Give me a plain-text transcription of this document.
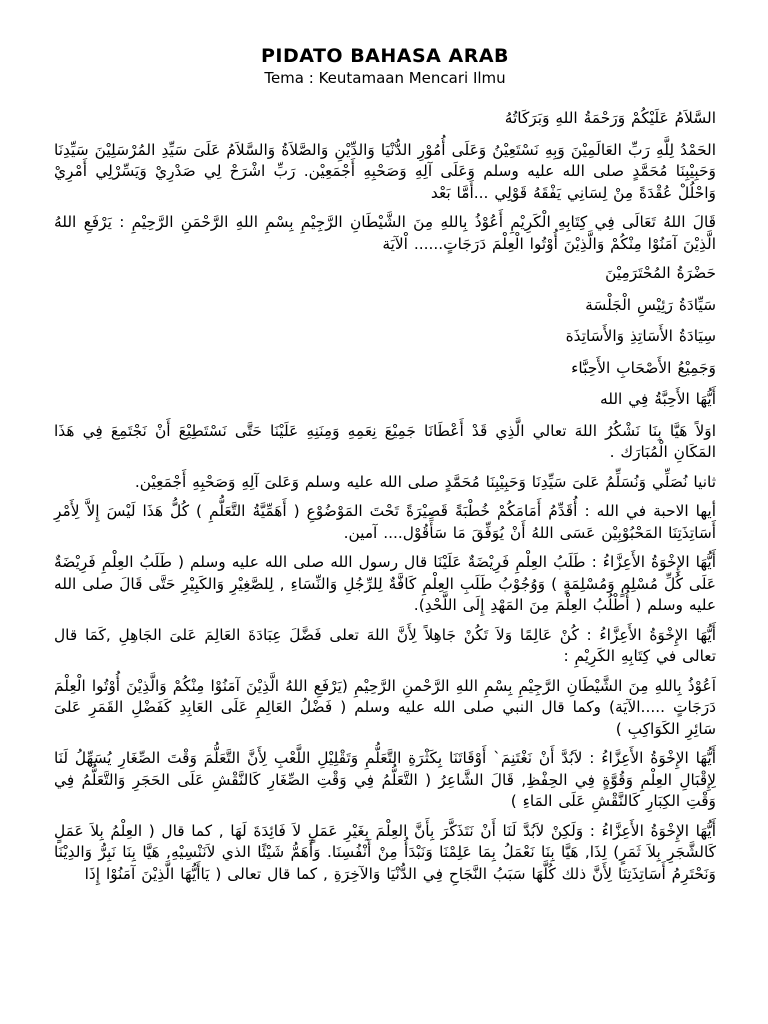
PIDATO BAHASA ARAB
Tema : Keutamaan Mencari Ilmu

السَّلاَمُ عَلَيْكُمْ وَرَحْمَةُ اللهِ وَبَرَكَاتُهُ

الحَمْدُ لِلَّهِ رَبِّ العَالَمِيْنَ وَبِهِ نَسْتَعِيْنُ وَعَلَى أُمُوْرِ الدُّنْيَا وَالدِّيْنِ وَالصَّلاَةُ وَالسَّلاَمُ عَلَىَ سَيِّدِ المُرْسَلِيْنَ سَيِّدِنَا وَحَبِيْبِنَا مُحَمَّدٍ صلى الله عليه وسلم وَعَلَى آلِهِ وَصَحْبِهِ أَجْمَعِيْن. رَبِّ اشْرَحْ لِي صَدْرِيْ وَيَسِّرْلِي أَمْرِيْ وَاحْلُلْ عُقْدَةً مِنْ لِسَانِي يَفْقَهُ قَوْلِي ...أَمَّا بَعْد

قَالَ اللهُ تَعَالَى فِي كِتَابِهِ الْكَرِيْمِ أَعُوْذُ بِاللهِ مِنَ الشَّيْطَانِ الرَّجِيْمِ بِسْمِ اللهِ الرَّحْمَنِ الرَّحِيْمِ : يَرْفَعِ اللهُ الَّذِيْنَ آمَنُوْا مِنْكُمْ وَالَّذِيْنَ أُوْتُوا الْعِلْمَ دَرَجَاتٍ...... اْلآيَة

حَضْرَةُ المُحْتَرَمِيْنَ

سَيِّادَةُ رَئِيْسِ الْجَلْسَة

سِيَادَةُ الأَسَاتِذِ وَالأَسَاتِذَة

وَجَمِيْعُ الأَصْحَابِ الأَحِبَّاء

أَيُّهَا الأَحِبَّةُ فِي الله

اوَلاً هَيَّا بِنَا نَشْكُرُ اللهَ تعالي الَّذِي قَدْ أَعْطَانَا جَمِيْعَ نِعَمِهِ وَمِنَنِهِ عَلَيْنَا حَتَّى نَسْتَطِيْعَ أَنْ نَجْتَمِعَ فِي هَذَا المَكَانِ الْمُبَارَك .

ثانيا نُصَلِّي وَنُسَلِّمُ عَلىَ سَيِّدِنَا وَحَبِيْبِنَا مُحَمَّدٍ صلى الله عليه وسلم وَعَلىَ آلِهِ وَصَحْبِهِ أَجْمَعِيْن.

أيها الاحبة في الله : أُقَدِّمُ أَمَامَكُمْ خُطْبَةً قَصِيْرَةً تَحْتَ المَوْضُوْعِ ( أَهَمِّيَّةُ التَّعَلُّمِ ) كُلُّ هَذَا لَيْسَ إِلاَّ لِأَمْرِ أَسَاتِذَتِنَا المَحْبُوْبِيْن عَسَى اللهُ أَنْ يُوَفِّقَ مَا سَأَقُوْل.... آمين.

أَيُّهَا الإِخْوَةُ الأَعِزَّاءُ : طَلَبُ العِلْمِ فَرِيْضَةٌ عَلَيْنَا قال رسول الله صلى الله عليه وسلم ( طَلَبُ العِلْمِ فَرِيْضَةٌ عَلَى كُلِّ مُسْلِمٍ وَمُسْلِمَةٍ ) وَوُجُوْبُ طَلَبِ العِلْمِ كَافَّةٌ لِلرِّجُلِ وَالنِّسَاءِ , لِلصَّغِيْرِ وَالكَبِيْرِ حَتَّى قَالَ صلى الله عليه وسلم ( أُطْلُبُ العِلْمَ مِنَ المَهْدِ إِلَى اللَّحْدِ).

أَيُّهَا الإِخْوَةُ الأَعِزَّاءُ : كُنْ عَالِمًا وَلاَ تَكُنْ جَاهِلاً لِأَنَّ اللهَ تعلى فَضَّلَ عِبَادَةَ العَالِمَ عَلىَ الجَاهِلِ ,كَمَا قال تعالى في كِتَابِهِ الكَرِيْمِ :

اَعُوْذُ بِاللهِ مِنَ الشَّيْطَانِ الرَّجِيْمِ بِسْمِ اللهِ الرَّحْمنِ الرَّحِيْمِ (يَرْفَعِ اللهُ الَّذِيْنَ آمَنُوْا مِنْكُمْ وَالَّذِيْنَ أُوْتُوا الْعِلْمَ دَرَجَاتٍ .....الآيَة) وكما قال النبي صلى الله عليه وسلم ( فَضْلُ العَالِمِ عَلَى العَابِدِ كَفَضْلِ القَمَرِ عَلىَ سَائِرِ الكَوَاكِبِ )

أَيُّهَا الإِخْوَةُ الأَعِزَّاءُ : لاَبُدَّ أَنْ نَغْتَنِمَ` أَوْقَاتَنَا بِكَثْرَةِ التَّعَلُّمِ وَتَقْلِيْلِ اللَّعْبِ لِأَنَّ التَّعَلُّمَ وَقْتَ الصِّغَارِ يُسَهِّلُ لَنَا لِإِقْبَالِ العِلْمِ وَقُوَّةٍ فِي الحِفْظِ, قَالَ الشَّاعِرُ ( التَّعَلُّمُ فِي وَقْتِ الصِّغَارِ كَالنَّقْشِ عَلَى الحَجَرِ وَالتَّعَلُّمُ فِي وَقْتِ الكِبَارِ كَالنَّقْشِ عَلَى المَاءِ )

أَيُّهَا الإِخْوَةُ الأَعِزَّاءُ : وَلَكِنْ لاَبُدَّ لَنَا أَنْ نَتَذَكَّرَ بِأَنَّ العِلْمَ بِغَيْرِ عَمَلٍ لاَ فَائِدَةَ لَهَا , كما قال ( العِلْمُ بِلاَ عَمَلٍ كَالشَّجَرِ بِلاَ ثَمَرٍ) لِذَا, هَيَّا بِنَا نَعْمَلُ بِمَا عَلِمْنَا وَنَبْدَأُ مِنْ أَنْفُسِنَا. وَأَهَمُّ شَيْئًا الذي لاَنَنْسِيْهِ, هَيَّا بِنَا نَبِرُّ وَالدِيْنَا وَنَحْتَرِمُ أَسَاتِذَتِنَا لِأَنَّ ذلك كُلَّهَا سَبَبُ النَّجَاحِ فِي الدُّنْيَا وَالآخِرَةِ , كما قال تعالى ( يَاأَيُّهَا الَّذِيْنَ آمَنُوْا إِذَا
